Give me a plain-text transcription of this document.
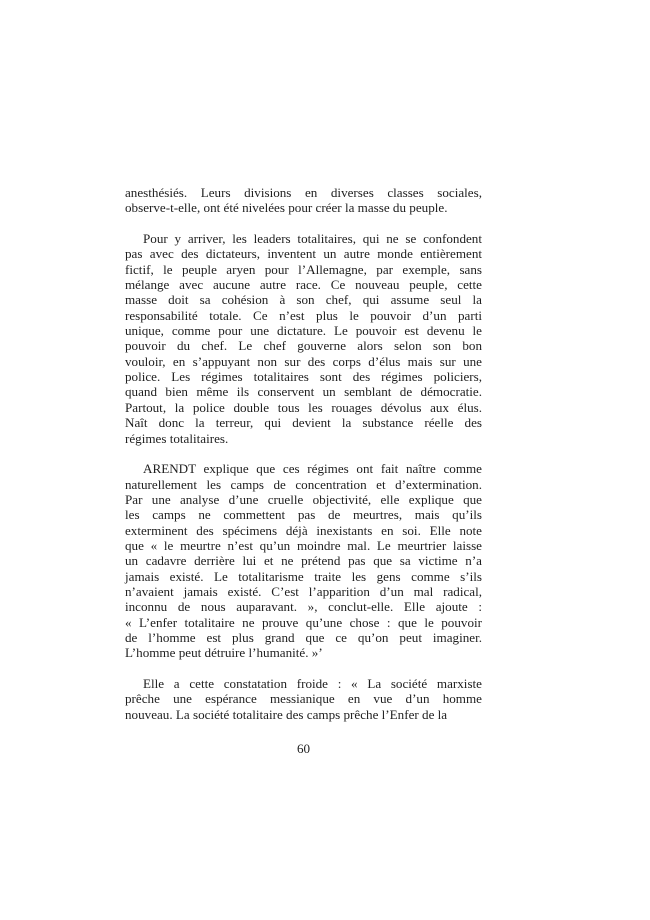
anesthésiés. Leurs divisions en diverses classes sociales,
observe-t-elle, ont été nivelées pour créer la masse du peuple.
Pour y arriver, les leaders totalitaires, qui ne se confondent
pas avec des dictateurs, inventent un autre monde entièrement
fictif, le peuple aryen pour l’Allemagne, par exemple, sans
mélange avec aucune autre race. Ce nouveau peuple, cette
masse doit sa cohésion à son chef, qui assume seul la
responsabilité totale. Ce n’est plus le pouvoir d’un parti
unique, comme pour une dictature. Le pouvoir est devenu le
pouvoir du chef. Le chef gouverne alors selon son bon
vouloir, en s’appuyant non sur des corps d’élus mais sur une
police. Les régimes totalitaires sont des régimes policiers,
quand bien même ils conservent un semblant de démocratie.
Partout, la police double tous les rouages dévolus aux élus.
Naît donc la terreur, qui devient la substance réelle des
régimes totalitaires.
ARENDT explique que ces régimes ont fait naître comme
naturellement les camps de concentration et d’extermination.
Par une analyse d’une cruelle objectivité, elle explique que
les camps ne commettent pas de meurtres, mais qu’ils
exterminent des spécimens déjà inexistants en soi. Elle note
que « le meurtre n’est qu’un moindre mal. Le meurtrier laisse
un cadavre derrière lui et ne prétend pas que sa victime n’a
jamais existé. Le totalitarisme traite les gens comme s’ils
n’avaient jamais existé. C’est l’apparition d’un mal radical,
inconnu de nous auparavant. », conclut-elle. Elle ajoute :
« L’enfer totalitaire ne prouve qu’une chose : que le pouvoir
de l’homme est plus grand que ce qu’on peut imaginer.
L’homme peut détruire l’humanité. »’
Elle a cette constatation froide : « La société marxiste
prêche une espérance messianique en vue d’un homme
nouveau. La société totalitaire des camps prêche l’Enfer de la
60
